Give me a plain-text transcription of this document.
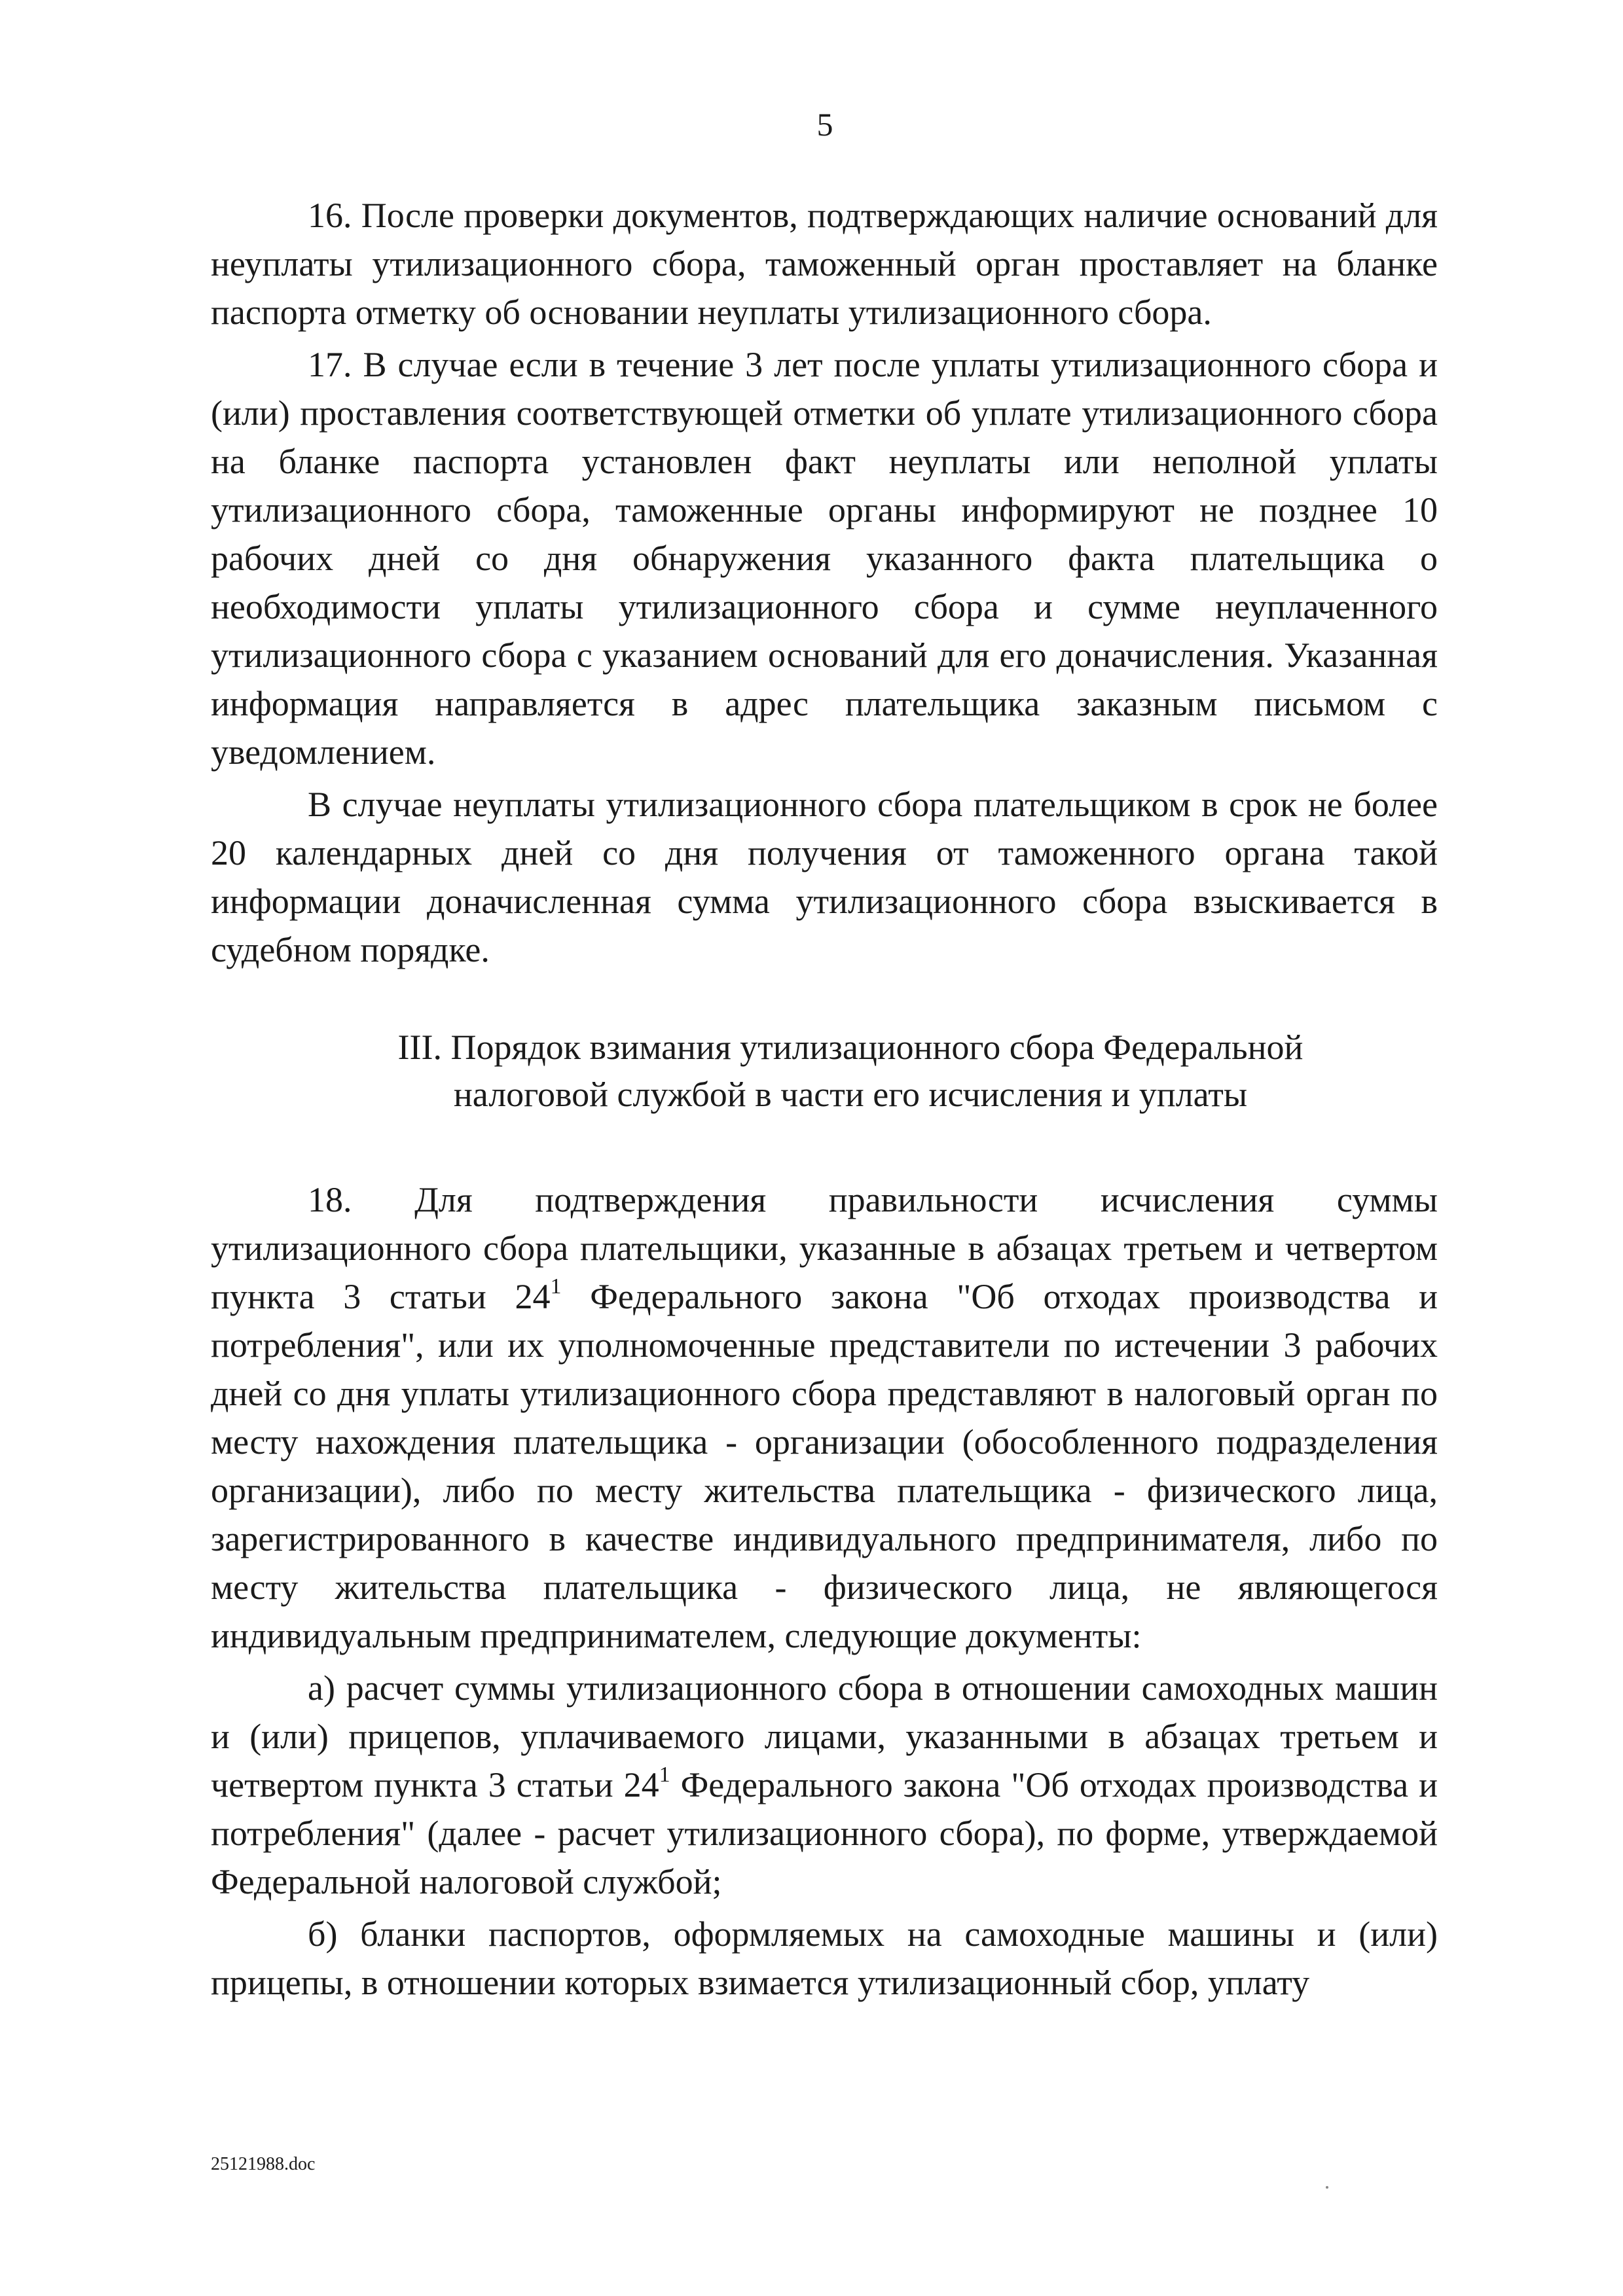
5

16. После проверки документов, подтверждающих наличие оснований для неуплаты утилизационного сбора, таможенный орган проставляет на бланке паспорта отметку об основании неуплаты утилизационного сбора.

17. В случае если в течение 3 лет после уплаты утилизационного сбора и (или) проставления соответствующей отметки об уплате утилизационного сбора на бланке паспорта установлен факт неуплаты или неполной уплаты утилизационного сбора, таможенные органы информируют не позднее 10 рабочих дней со дня обнаружения указанного факта плательщика о необходимости уплаты утилизационного сбора и сумме неуплаченного утилизационного сбора с указанием оснований для его доначисления. Указанная информация направляется в адрес плательщика заказным письмом с уведомлением.

В случае неуплаты утилизационного сбора плательщиком в срок не более 20 календарных дней со дня получения от таможенного органа такой информации доначисленная сумма утилизационного сбора взыскивается в судебном порядке.

III. Порядок взимания утилизационного сбора Федеральной
налоговой службой в части его исчисления и уплаты

18. Для подтверждения правильности исчисления суммы утилизационного сбора плательщики, указанные в абзацах третьем и четвертом пункта 3 статьи $24^1$ Федерального закона "Об отходах производства и потребления", или их уполномоченные представители по истечении 3 рабочих дней со дня уплаты утилизационного сбора представляют в налоговый орган по месту нахождения плательщика - организации (обособленного подразделения организации), либо по месту жительства плательщика - физического лица, зарегистрированного в качестве индивидуального предпринимателя, либо по месту жительства плательщика - физического лица, не являющегося индивидуальным предпринимателем, следующие документы:

а) расчет суммы утилизационного сбора в отношении самоходных машин и (или) прицепов, уплачиваемого лицами, указанными в абзацах третьем и четвертом пункта 3 статьи $24^1$ Федерального закона "Об отходах производства и потребления" (далее - расчет утилизационного сбора), по форме, утверждаемой Федеральной налоговой службой;

б) бланки паспортов, оформляемых на самоходные машины и (или) прицепы, в отношении которых взимается утилизационный сбор, уплату

25121988.doc
